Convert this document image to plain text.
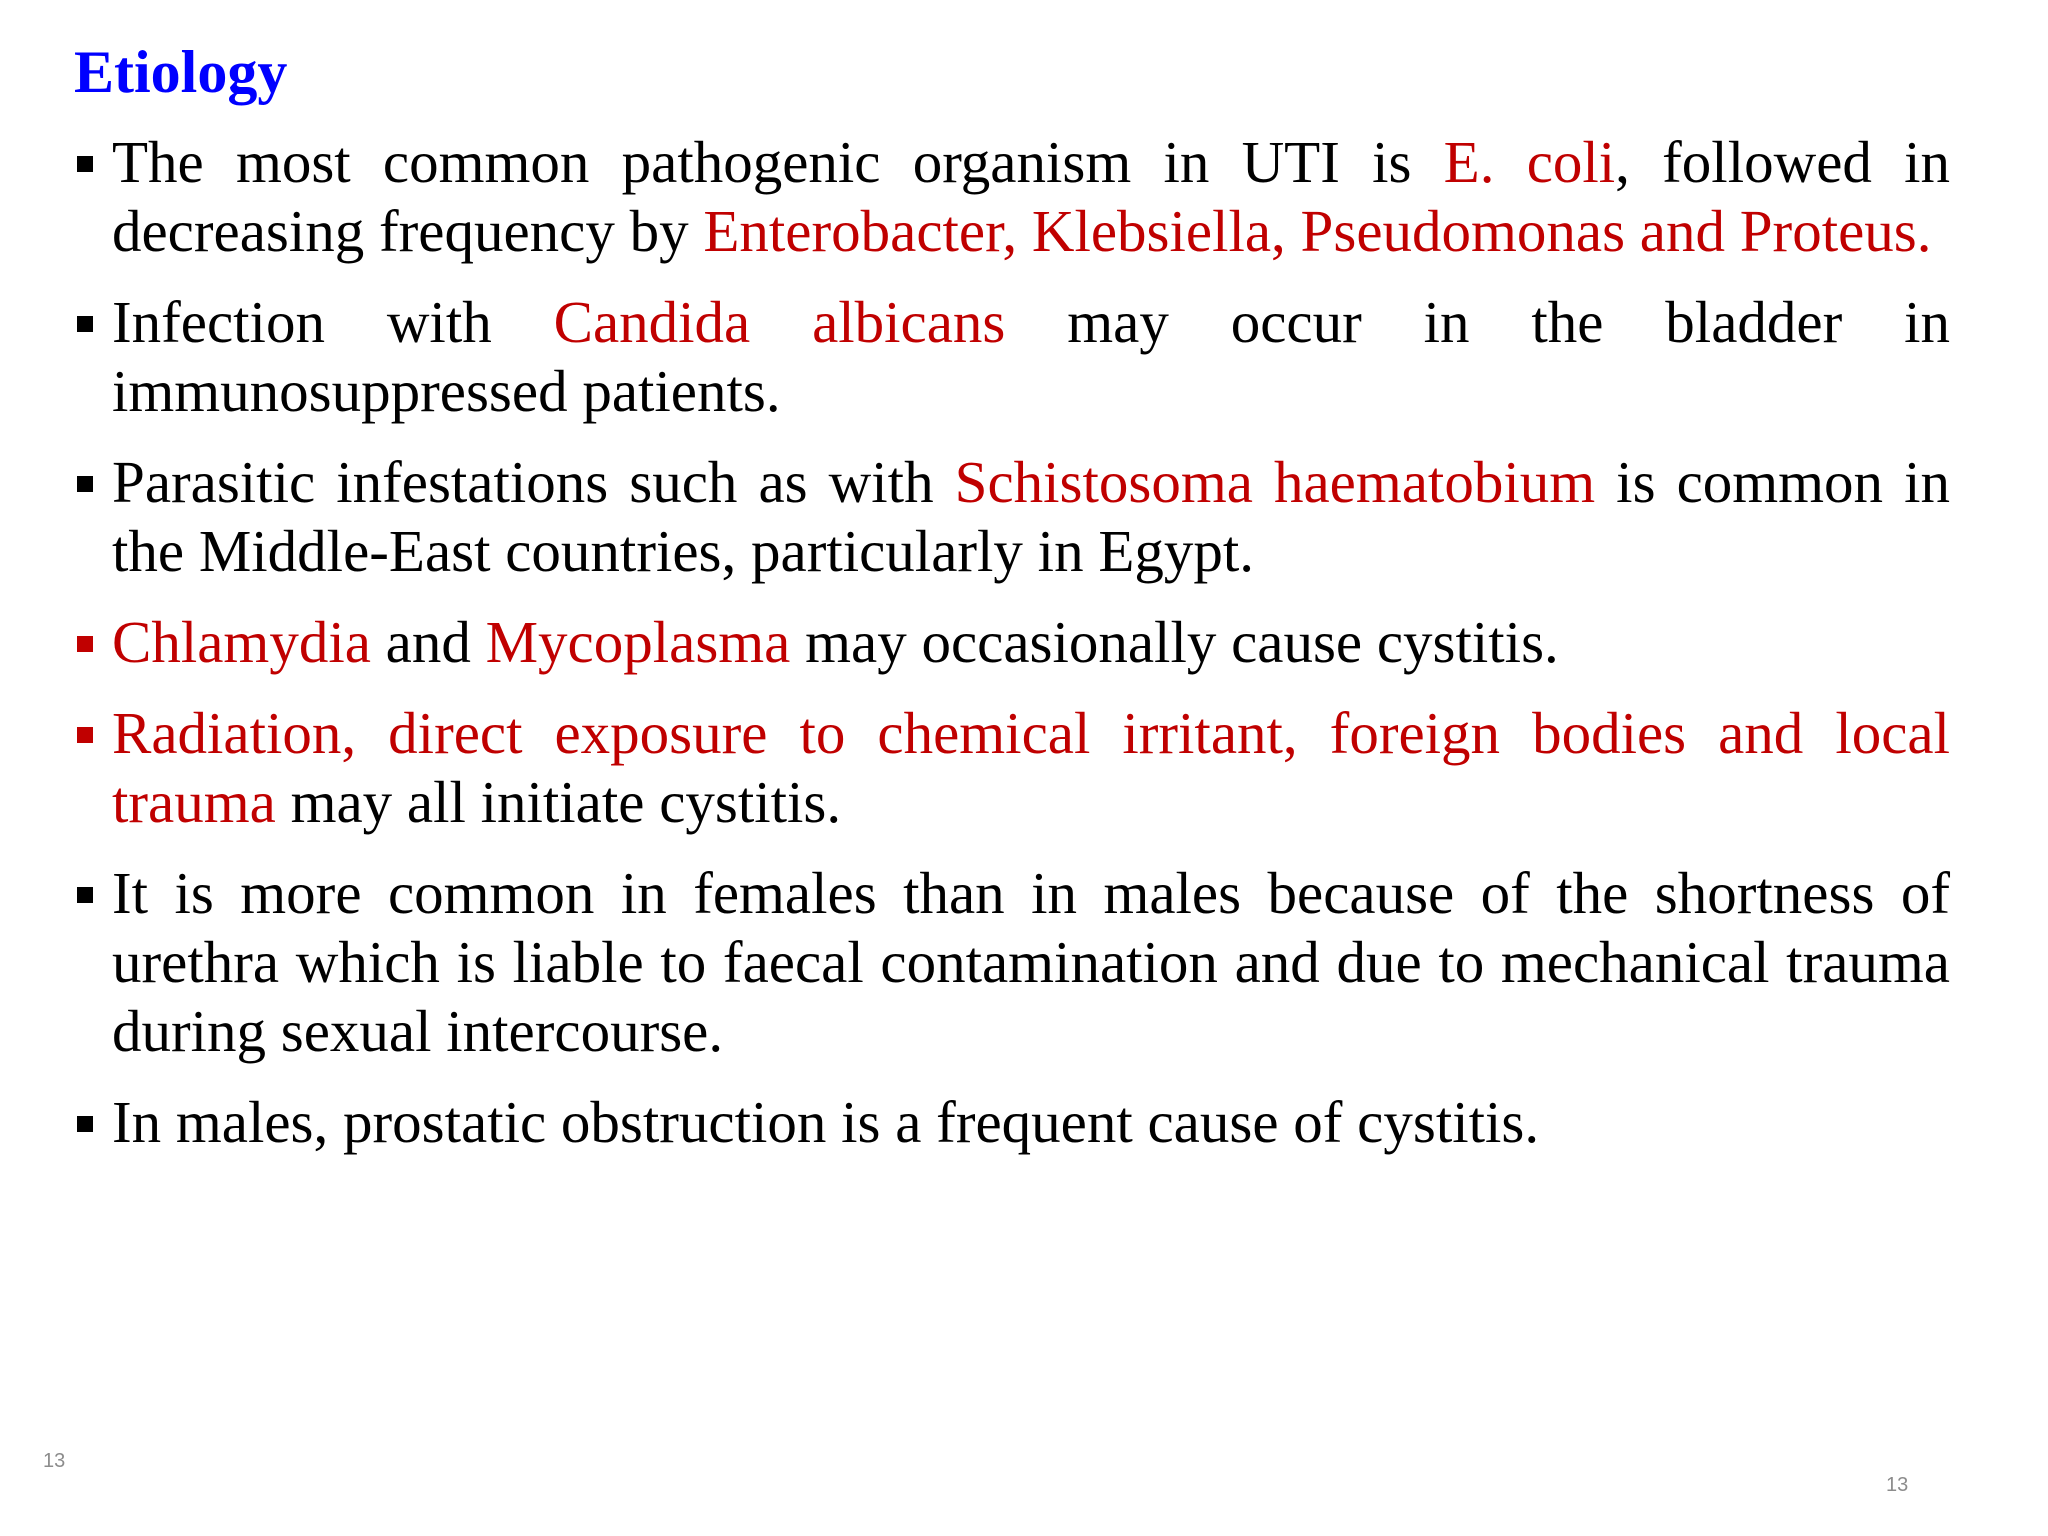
Etiology
The most common pathogenic organism in UTI is E. coli, followed in decreasing frequency by Enterobacter, Klebsiella, Pseudomonas and Proteus.
Infection with Candida albicans may occur in the bladder in immunosuppressed patients.
Parasitic infestations such as with Schistosoma haematobium is common in the Middle-East countries, particularly in Egypt.
Chlamydia and Mycoplasma may occasionally cause cystitis.
Radiation, direct exposure to chemical irritant, foreign bodies and local trauma may all initiate cystitis.
It is more common in females than in males because of the shortness of urethra which is liable to faecal contamination and due to mechanical trauma during sexual intercourse.
In males, prostatic obstruction is a frequent cause of cystitis.
13
13
